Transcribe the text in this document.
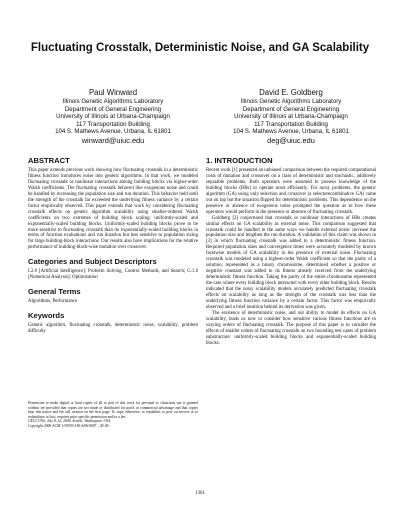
Fluctuating Crosstalk, Deterministic Noise, and GA Scalability
Paul Winward
Illinois Genetic Algorithms Laboratory
Department of General Engineering
University of Illinois at Urbana-Champaign
117 Transportation Building
104 S. Mathews Avenue, Urbana, IL 61801
winward@uiuc.edu
David E. Goldberg
Illinois Genetic Algorithms Laboratory
Department of General Engineering
University of Illinois at Urbana-Champaign
117 Transportation Building
104 S. Mathews Avenue, Urbana, IL 61801
deg@uiuc.edu
ABSTRACT

This paper extends previous work showing how fluctuating crosstalk in a deterministic fitness function introduces noise into genetic algorithms. In that work, we modeled fluctuating crosstalk or nonlinear interactions among building blocks via higher-order Walsh coefficients. The fluctuating crosstalk behaved like exogenous noise and could be handled by increasing the population size and run duration. This behavior held until the strength of the crosstalk far exceeded the underlying fitness variance by a certain factor empirically observed. This paper extends that work by considering fluctuating crosstalk effects on genetic algorithm scalability using smaller-ordered Walsh coefficients on two extremes of building block scaling: uniformly-scaled and exponentially-scaled building blocks. Uniformly-scaled building blocks prove to be more sensitive to fluctuating crosstalk than do exponentially-scaled building blocks in terms of function evaluations and run duration but less sensitive to population sizing for large building-block interactions. Our results also have implications for the relative performance of building-block-wise mutation over crossover.

Categories and Subject Descriptors

I.2.8 [Artificial Intelligence]: Problem Solving, Control Methods, and Search; G.1.6 [Numerical Analysis]: Optimization

General Terms

Algorithms, Performance

Keywords

Genetic algorithm, fluctuating crosstalk, deterministic noise, scalability, problem difficulty

Permission to make digital or hard copies of all or part of this work for personal or classroom use is granted without fee provided that copies are not made or distributed for profit or commercial advantage and that copies bear this notice and the full citation on the first page. To copy otherwise, to republish, to post on servers or to redistribute to lists, requires prior specific permission and/or a fee.

GECCO'06, July 8–12, 2006, Seattle, Washington, USA.
Copyright 2006 ACM 1-59593-186-4/06/0007 ...$5.00.
1. INTRODUCTION

Recent work [1] presented an unbiased comparison between the required computational costs of mutation and crossover on a class of deterministic and stochastic, additively separable problems. Both operators were assumed to possess knowledge of the building blocks (BBs) to operate most efficiently. For noisy problems, the genetic algorithm (GA) using only selection and crossover (a selectorecombinative GA) came out on top but the situation flipped for deterministic problems. This dependence on the presence or absence of exogenous noise prompted the question as to how these operators would perform in the presence or absence of fluctuating crosstalk.

Goldberg [2] conjectured that crosstalk or nonlinear interactions of BBs creates similar effects on GA scalability as external noise. This comparison suggested that crosstalk could be handled in the same ways we handle external noise: increase the population size and lengthen the run duration. A validation of this claim was shown in [3] in which fluctuating crosstalk was added to a deterministic fitness function. Required population sizes and convergence times were accurately modeled by known facetwise models of GA scalability in the presence of external noise. Fluctuating crosstalk was modeled using a highest-order Walsh coefficient so that the parity of a solution, represented as a binary chromosome, determined whether a positive or negative constant was added to its fitness already received from the underlying deterministic fitness function. Taking the parity of the entire chromosome represented the case where every building block interacted with every other building block. Results indicated that the noisy scalability models accurately predicted fluctuating crosstalk effects on scalability as long as the strength of the crosstalk was less than the underlying fitness function variance by a certain factor. This factor was empirically observed and a brief intuition behind its derivation was given.

The existence of deterministic noise, and our ability to model its effects on GA scalability, leads us now to consider how sensitive various fitness functions are to varying orders of fluctuating crosstalk. The purpose of this paper is to consider the effects of smaller orders of fluctuating crosstalk on two bounding test cases of problem substructure: uniformly-scaled building blocks and exponentially-scaled building blocks.

1361
